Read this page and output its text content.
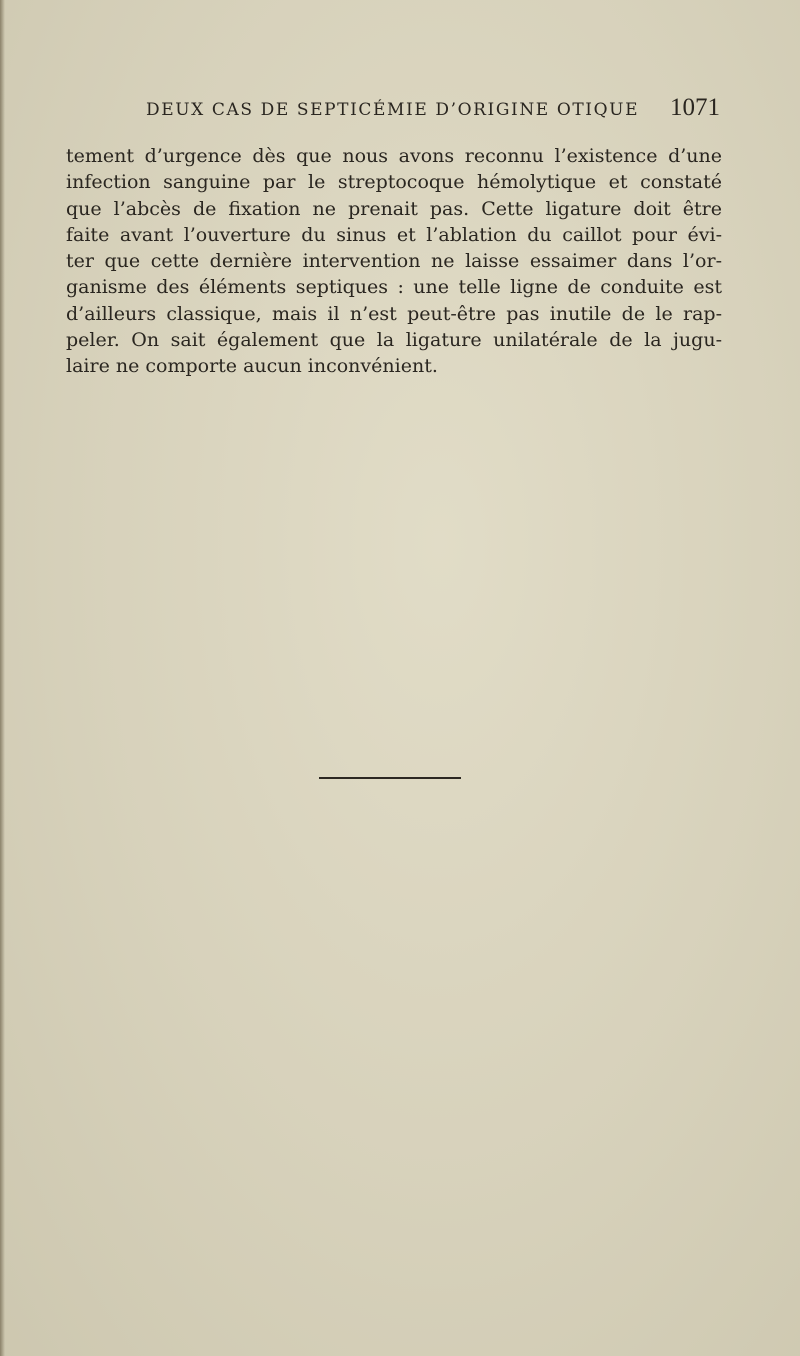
DEUX CAS DE SEPTICÉMIE D’ORIGINE OTIQUE 1071
tement d’urgence dès que nous avons reconnu l’existence d’une
infection sanguine par le streptocoque hémolytique et constaté
que l’abcès de fixation ne prenait pas. Cette ligature doit être
faite avant l’ouverture du sinus et l’ablation du caillot pour évi-
ter que cette dernière intervention ne laisse essaimer dans l’or-
ganisme des éléments septiques : une telle ligne de conduite est
d’ailleurs classique, mais il n’est peut-être pas inutile de le rap-
peler. On sait également que la ligature unilatérale de la jugu-
laire ne comporte aucun inconvénient.
